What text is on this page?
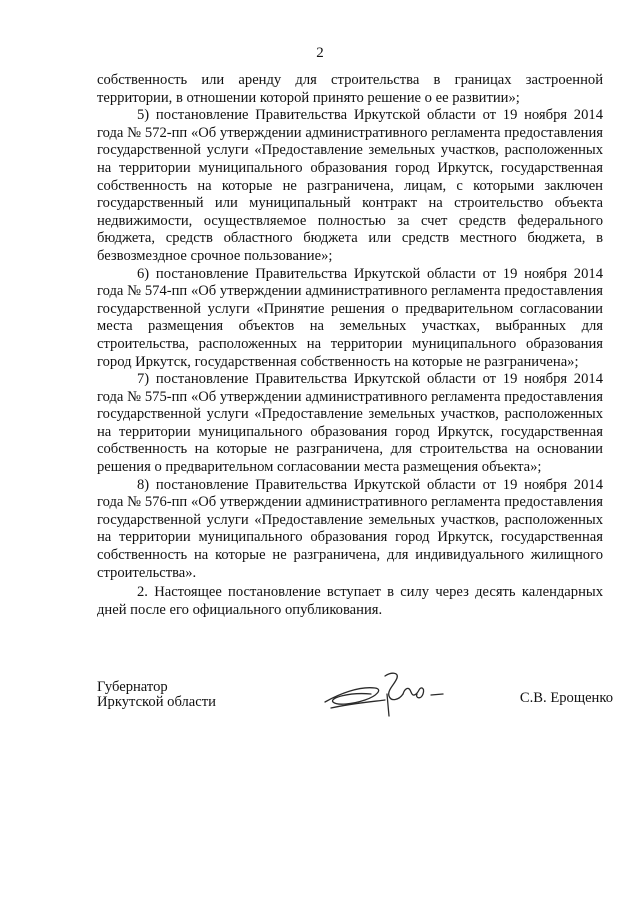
2

собственность или аренду для строительства в границах застроенной территории, в отношении которой принято решение о ее развитии»;

5) постановление Правительства Иркутской области от 19 ноября 2014 года № 572-пп «Об утверждении административного регламента предоставления государственной услуги «Предоставление земельных участков, расположенных на территории муниципального образования город Иркутск, государственная собственность на которые не разграничена, лицам, с которыми заключен государственный или муниципальный контракт на строительство объекта недвижимости, осуществляемое полностью за счет средств федерального бюджета, средств областного бюджета или средств местного бюджета, в безвозмездное срочное пользование»;

6) постановление Правительства Иркутской области от 19 ноября 2014 года № 574-пп «Об утверждении административного регламента предоставления государственной услуги «Принятие решения о предварительном согласовании места размещения объектов на земельных участках, выбранных для строительства, расположенных на территории муниципального образования город Иркутск, государственная собственность на которые не разграничена»;

7) постановление Правительства Иркутской области от 19 ноября 2014 года № 575-пп «Об утверждении административного регламента предоставления государственной услуги «Предоставление земельных участков, расположенных на территории муниципального образования город Иркутск, государственная собственность на которые не разграничена, для строительства на основании решения о предварительном согласовании места размещения объекта»;

8) постановление Правительства Иркутской области от 19 ноября 2014 года № 576-пп «Об утверждении административного регламента предоставления государственной услуги «Предоставление земельных участков, расположенных на территории муниципального образования город Иркутск, государственная собственность на которые не разграничена, для индивидуального жилищного строительства».

2. Настоящее постановление вступает в силу через десять календарных дней после его официального опубликования.

Губернатор
Иркутской области	С.В. Ерощенко
